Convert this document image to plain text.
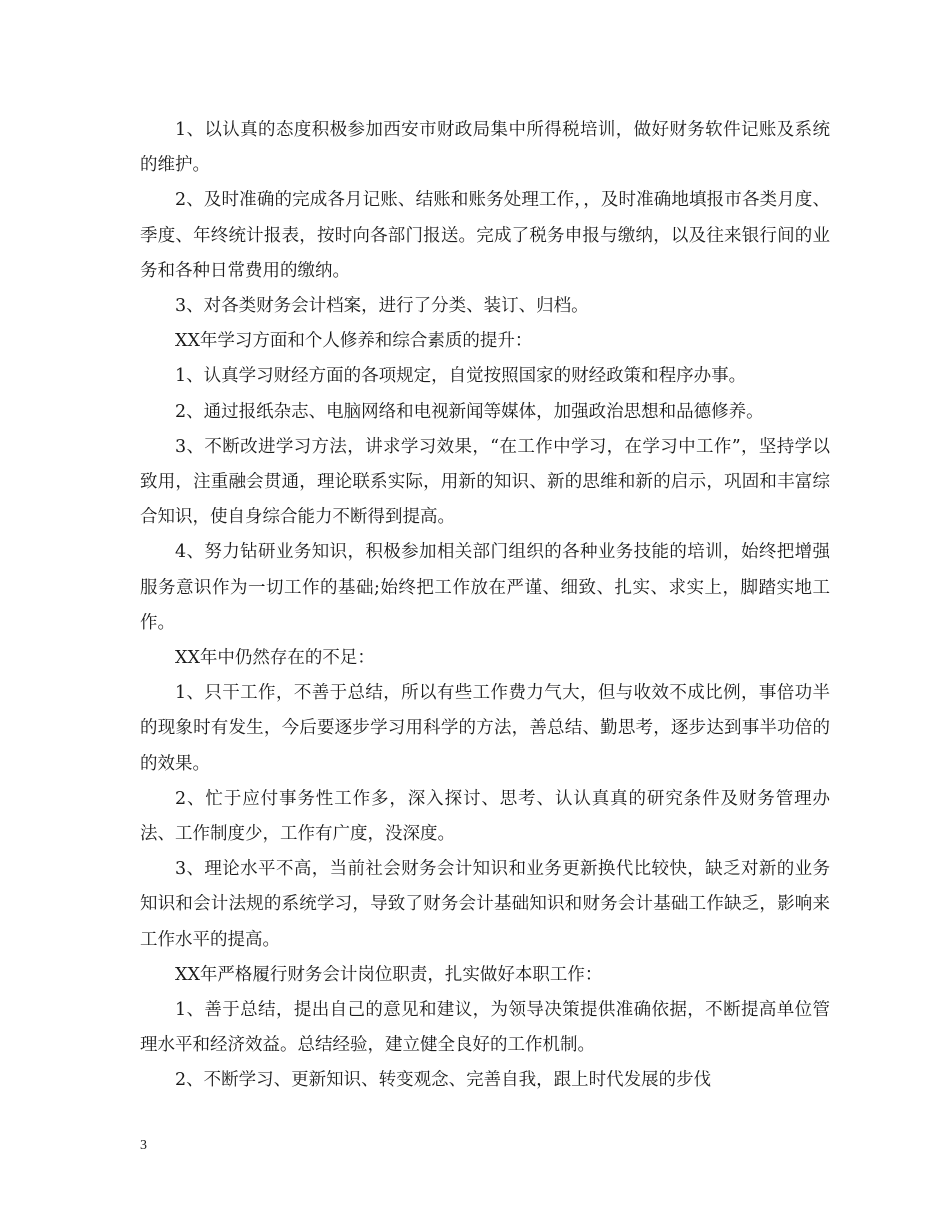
1、以认真的态度积极参加西安市财政局集中所得税培训，做好财务软件记账及系统的维护。

2、及时准确的完成各月记账、结账和账务处理工作，，及时准确地填报市各类月度、季度、年终统计报表，按时向各部门报送。完成了税务申报与缴纳，以及往来银行间的业务和各种日常费用的缴纳。

3、对各类财务会计档案，进行了分类、装订、归档。

XX年学习方面和个人修养和综合素质的提升：

1、认真学习财经方面的各项规定，自觉按照国家的财经政策和程序办事。

2、通过报纸杂志、电脑网络和电视新闻等媒体，加强政治思想和品德修养。

3、不断改进学习方法，讲求学习效果，“在工作中学习，在学习中工作”，坚持学以致用，注重融会贯通，理论联系实际，用新的知识、新的思维和新的启示，巩固和丰富综合知识，使自身综合能力不断得到提高。

4、努力钻研业务知识，积极参加相关部门组织的各种业务技能的培训，始终把增强服务意识作为一切工作的基础;始终把工作放在严谨、细致、扎实、求实上，脚踏实地工作。

XX年中仍然存在的不足：

1、只干工作，不善于总结，所以有些工作费力气大，但与收效不成比例，事倍功半的现象时有发生，今后要逐步学习用科学的方法，善总结、勤思考，逐步达到事半功倍的的效果。

2、忙于应付事务性工作多，深入探讨、思考、认认真真的研究条件及财务管理办法、工作制度少，工作有广度，没深度。

3、理论水平不高，当前社会财务会计知识和业务更新换代比较快，缺乏对新的业务知识和会计法规的系统学习，导致了财务会计基础知识和财务会计基础工作缺乏，影响来工作水平的提高。

XX年严格履行财务会计岗位职责，扎实做好本职工作：

1、善于总结，提出自己的意见和建议，为领导决策提供准确依据，不断提高单位管理水平和经济效益。总结经验，建立健全良好的工作机制。

2、不断学习、更新知识、转变观念、完善自我，跟上时代发展的步伐

3
